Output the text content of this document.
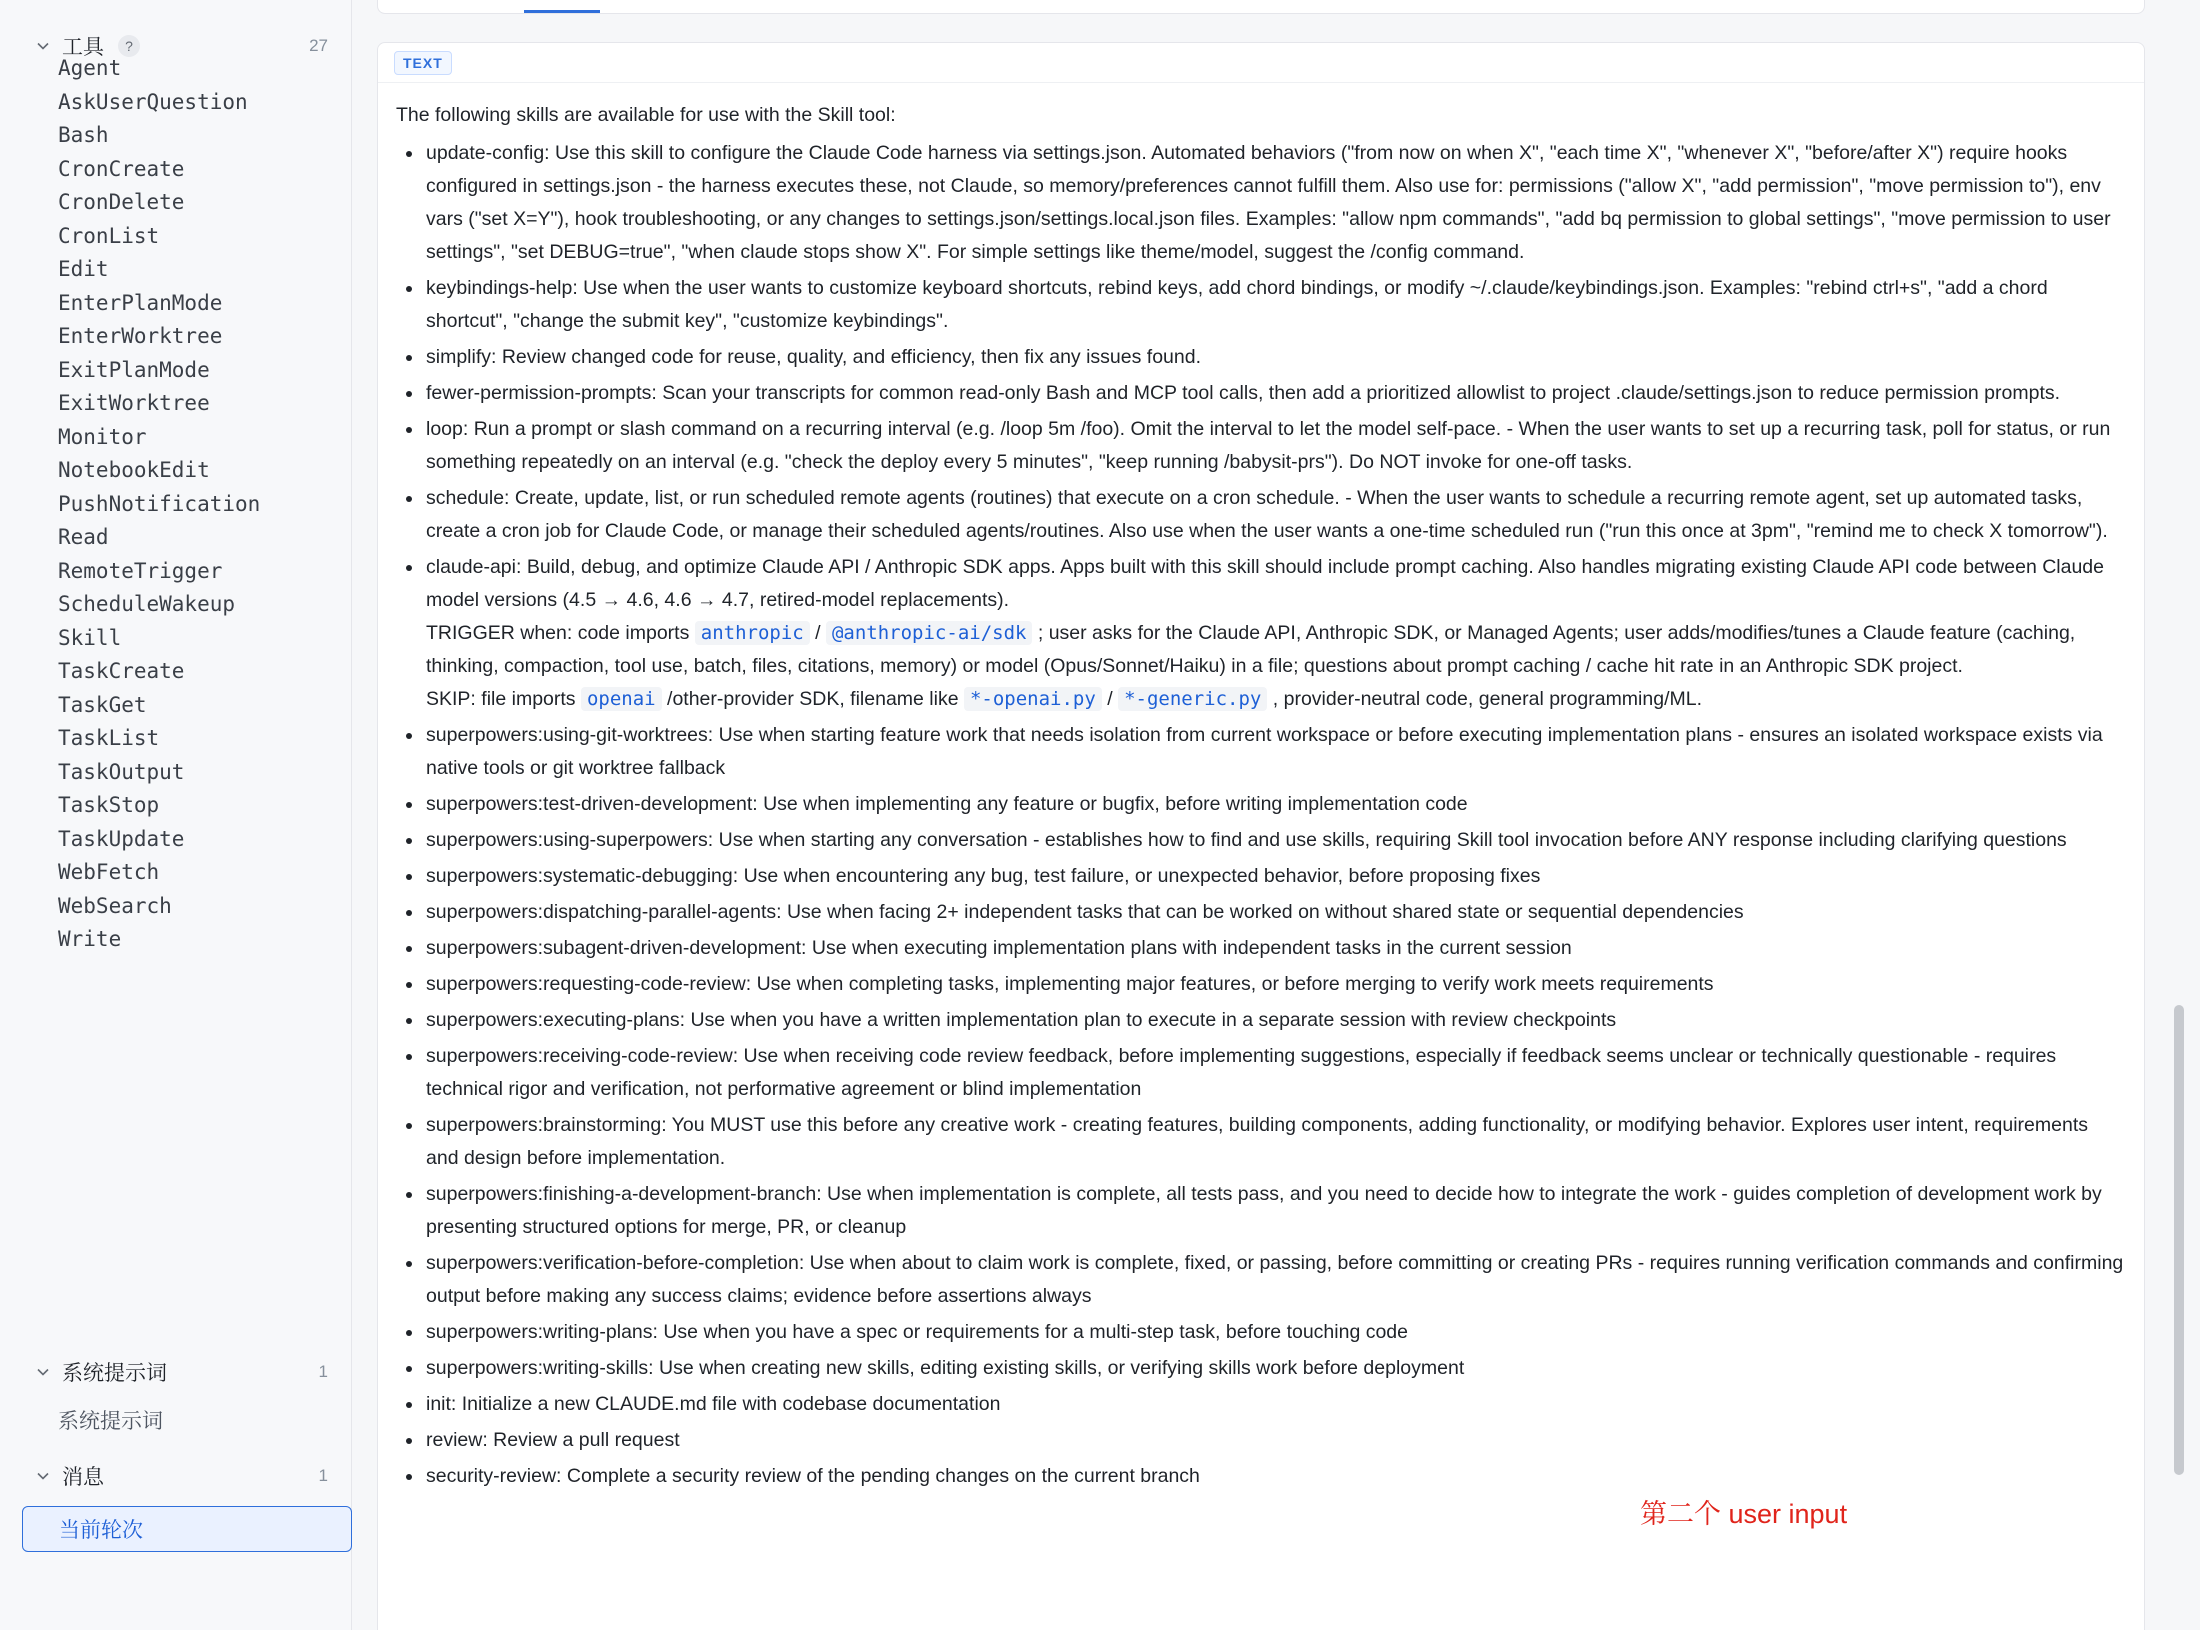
工具	?	27
Agent
AskUserQuestion
Bash
CronCreate
CronDelete
CronList
Edit
EnterPlanMode
EnterWorktree
ExitPlanMode
ExitWorktree
Monitor
NotebookEdit
PushNotification
Read
RemoteTrigger
ScheduleWakeup
Skill
TaskCreate
TaskGet
TaskList
TaskOutput
TaskStop
TaskUpdate
WebFetch
WebSearch
Write
系统提示词	1
系统提示词
消息	1
当前轮次
TEXT

The following skills are available for use with the Skill tool:

update-config: Use this skill to configure the Claude Code harness via settings.json. Automated behaviors ("from now on when X", "each time X", "whenever X", "before/after X") require hooks configured in settings.json - the harness executes these, not Claude, so memory/preferences cannot fulfill them. Also use for: permissions ("allow X", "add permission", "move permission to"), env vars ("set X=Y"), hook troubleshooting, or any changes to settings.json/settings.local.json files. Examples: "allow npm commands", "add bq permission to global settings", "move permission to user settings", "set DEBUG=true", "when claude stops show X". For simple settings like theme/model, suggest the /config command.
keybindings-help: Use when the user wants to customize keyboard shortcuts, rebind keys, add chord bindings, or modify ~/.claude/keybindings.json. Examples: "rebind ctrl+s", "add a chord shortcut", "change the submit key", "customize keybindings".
simplify: Review changed code for reuse, quality, and efficiency, then fix any issues found.
fewer-permission-prompts: Scan your transcripts for common read-only Bash and MCP tool calls, then add a prioritized allowlist to project .claude/settings.json to reduce permission prompts.
loop: Run a prompt or slash command on a recurring interval (e.g. /loop 5m /foo). Omit the interval to let the model self-pace. - When the user wants to set up a recurring task, poll for status, or run something repeatedly on an interval (e.g. "check the deploy every 5 minutes", "keep running /babysit-prs"). Do NOT invoke for one-off tasks.
schedule: Create, update, list, or run scheduled remote agents (routines) that execute on a cron schedule. - When the user wants to schedule a recurring remote agent, set up automated tasks, create a cron job for Claude Code, or manage their scheduled agents/routines. Also use when the user wants a one-time scheduled run ("run this once at 3pm", "remind me to check X tomorrow").
claude-api: Build, debug, and optimize Claude API / Anthropic SDK apps. Apps built with this skill should include prompt caching. Also handles migrating existing Claude API code between Claude model versions (4.5 → 4.6, 4.6 → 4.7, retired-model replacements).
TRIGGER when: code imports anthropic / @anthropic-ai/sdk ; user asks for the Claude API, Anthropic SDK, or Managed Agents; user adds/modifies/tunes a Claude feature (caching, thinking, compaction, tool use, batch, files, citations, memory) or model (Opus/Sonnet/Haiku) in a file; questions about prompt caching / cache hit rate in an Anthropic SDK project.
SKIP: file imports openai /other-provider SDK, filename like *-openai.py / *-generic.py , provider-neutral code, general programming/ML.
superpowers:using-git-worktrees: Use when starting feature work that needs isolation from current workspace or before executing implementation plans - ensures an isolated workspace exists via native tools or git worktree fallback
superpowers:test-driven-development: Use when implementing any feature or bugfix, before writing implementation code
superpowers:using-superpowers: Use when starting any conversation - establishes how to find and use skills, requiring Skill tool invocation before ANY response including clarifying questions
superpowers:systematic-debugging: Use when encountering any bug, test failure, or unexpected behavior, before proposing fixes
superpowers:dispatching-parallel-agents: Use when facing 2+ independent tasks that can be worked on without shared state or sequential dependencies
superpowers:subagent-driven-development: Use when executing implementation plans with independent tasks in the current session
superpowers:requesting-code-review: Use when completing tasks, implementing major features, or before merging to verify work meets requirements
superpowers:executing-plans: Use when you have a written implementation plan to execute in a separate session with review checkpoints
superpowers:receiving-code-review: Use when receiving code review feedback, before implementing suggestions, especially if feedback seems unclear or technically questionable - requires technical rigor and verification, not performative agreement or blind implementation
superpowers:brainstorming: You MUST use this before any creative work - creating features, building components, adding functionality, or modifying behavior. Explores user intent, requirements and design before implementation.
superpowers:finishing-a-development-branch: Use when implementation is complete, all tests pass, and you need to decide how to integrate the work - guides completion of development work by presenting structured options for merge, PR, or cleanup
superpowers:verification-before-completion: Use when about to claim work is complete, fixed, or passing, before committing or creating PRs - requires running verification commands and confirming output before making any success claims; evidence before assertions always
superpowers:writing-plans: Use when you have a spec or requirements for a multi-step task, before touching code
superpowers:writing-skills: Use when creating new skills, editing existing skills, or verifying skills work before deployment
init: Initialize a new CLAUDE.md file with codebase documentation
review: Review a pull request
security-review: Complete a security review of the pending changes on the current branch
第二个 user input
